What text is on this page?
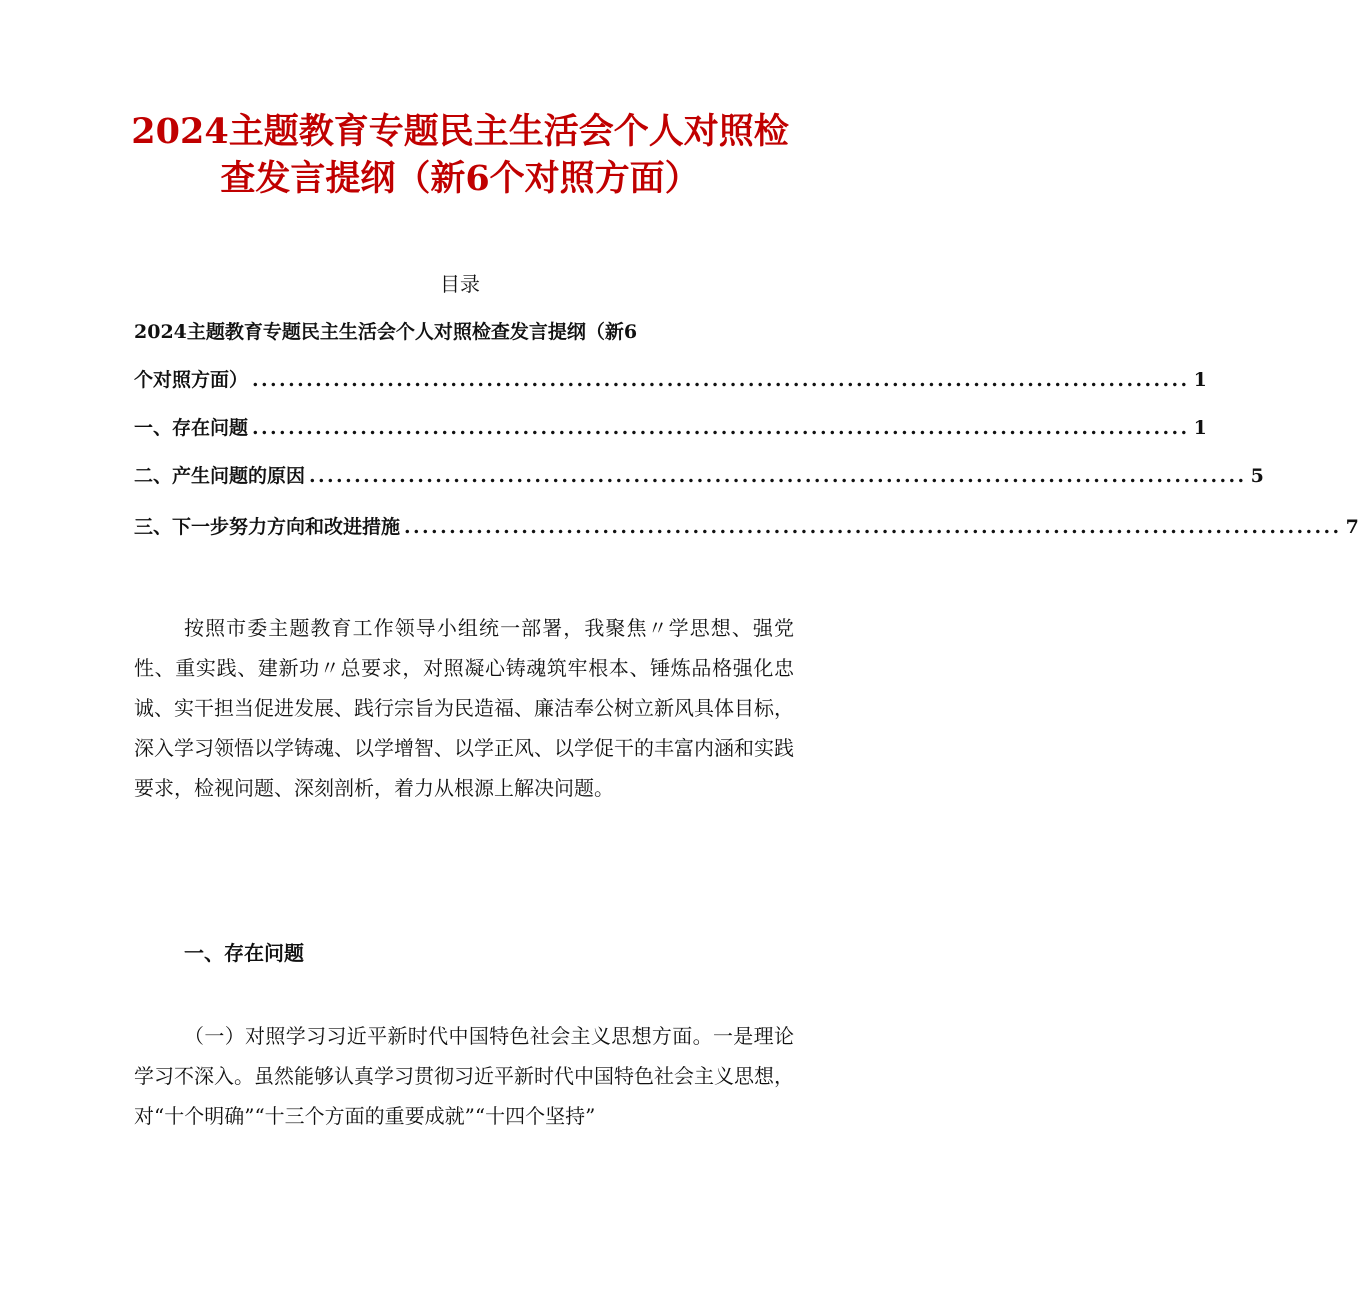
2024主题教育专题民主生活会个人对照检
查发言提纲（新6个对照方面）
目录
2024主题教育专题民主生活会个人对照检查发言提纲（新6
个对照方面） ........................................................................................................ 1
一、存在问题 ........................................................................................................ 1
二、产生问题的原因 ........................................................................................................ 5
三、下一步努力方向和改进措施 ........................................................................................................ 7

按照市委主题教育工作领导小组统一部署，我聚焦〃学思想、强党性、重实践、建新功〃总要求，对照凝心铸魂筑牢根本、锤炼品格强化忠诚、实干担当促进发展、践行宗旨为民造福、廉洁奉公树立新风具体目标，深入学习领悟以学铸魂、以学增智、以学正风、以学促干的丰富内涵和实践要求，检视问题、深刻剖析，着力从根源上解决问题。

一、存在问题

（一）对照学习习近平新时代中国特色社会主义思想方面。一是理论学习不深入。虽然能够认真学习贯彻习近平新时代中国特色社会主义思想，对“十个明确”“十三个方面的重要成就”“十四个坚持”
